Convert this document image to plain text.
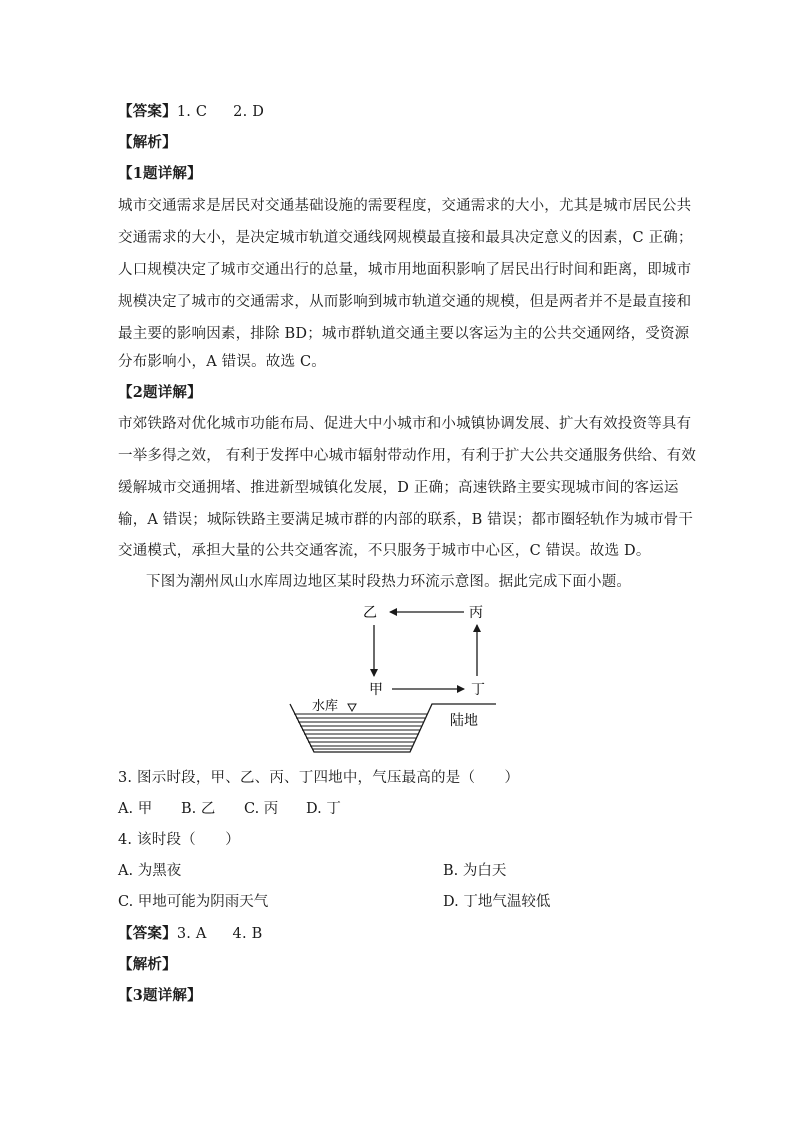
【答案】1. C 2. D
【解析】
【1题详解】
城市交通需求是居民对交通基础设施的需要程度，交通需求的大小，尤其是城市居民公共
交通需求的大小，是决定城市轨道交通线网规模最直接和最具决定意义的因素，C 正确；
人口规模决定了城市交通出行的总量，城市用地面积影响了居民出行时间和距离，即城市
规模决定了城市的交通需求，从而影响到城市轨道交通的规模，但是两者并不是最直接和
最主要的影响因素，排除 BD；城市群轨道交通主要以客运为主的公共交通网络，受资源
分布影响小，A 错误。故选 C。
【2题详解】
市郊铁路对优化城市功能布局、促进大中小城市和小城镇协调发展、扩大有效投资等具有
一举多得之效， 有利于发挥中心城市辐射带动作用，有利于扩大公共交通服务供给、有效
缓解城市交通拥堵、推进新型城镇化发展，D 正确；高速铁路主要实现城市间的客运运
输，A 错误；城际铁路主要满足城市群的内部的联系，B 错误；都市圈轻轨作为城市骨干
交通模式，承担大量的公共交通客流，不只服务于城市中心区，C 错误。故选 D。
下图为潮州凤山水库周边地区某时段热力环流示意图。据此完成下面小题。
乙	丙
甲	丁
水库
陆地
3. 图示时段，甲、乙、丙、丁四地中，气压最高的是（　　）
A. 甲 B. 乙 C. 丙 D. 丁
4. 该时段（　　）
A. 为黑夜	B. 为白天
C. 甲地可能为阴雨天气	D. 丁地气温较低
【答案】3. A 4. B
【解析】
【3题详解】
